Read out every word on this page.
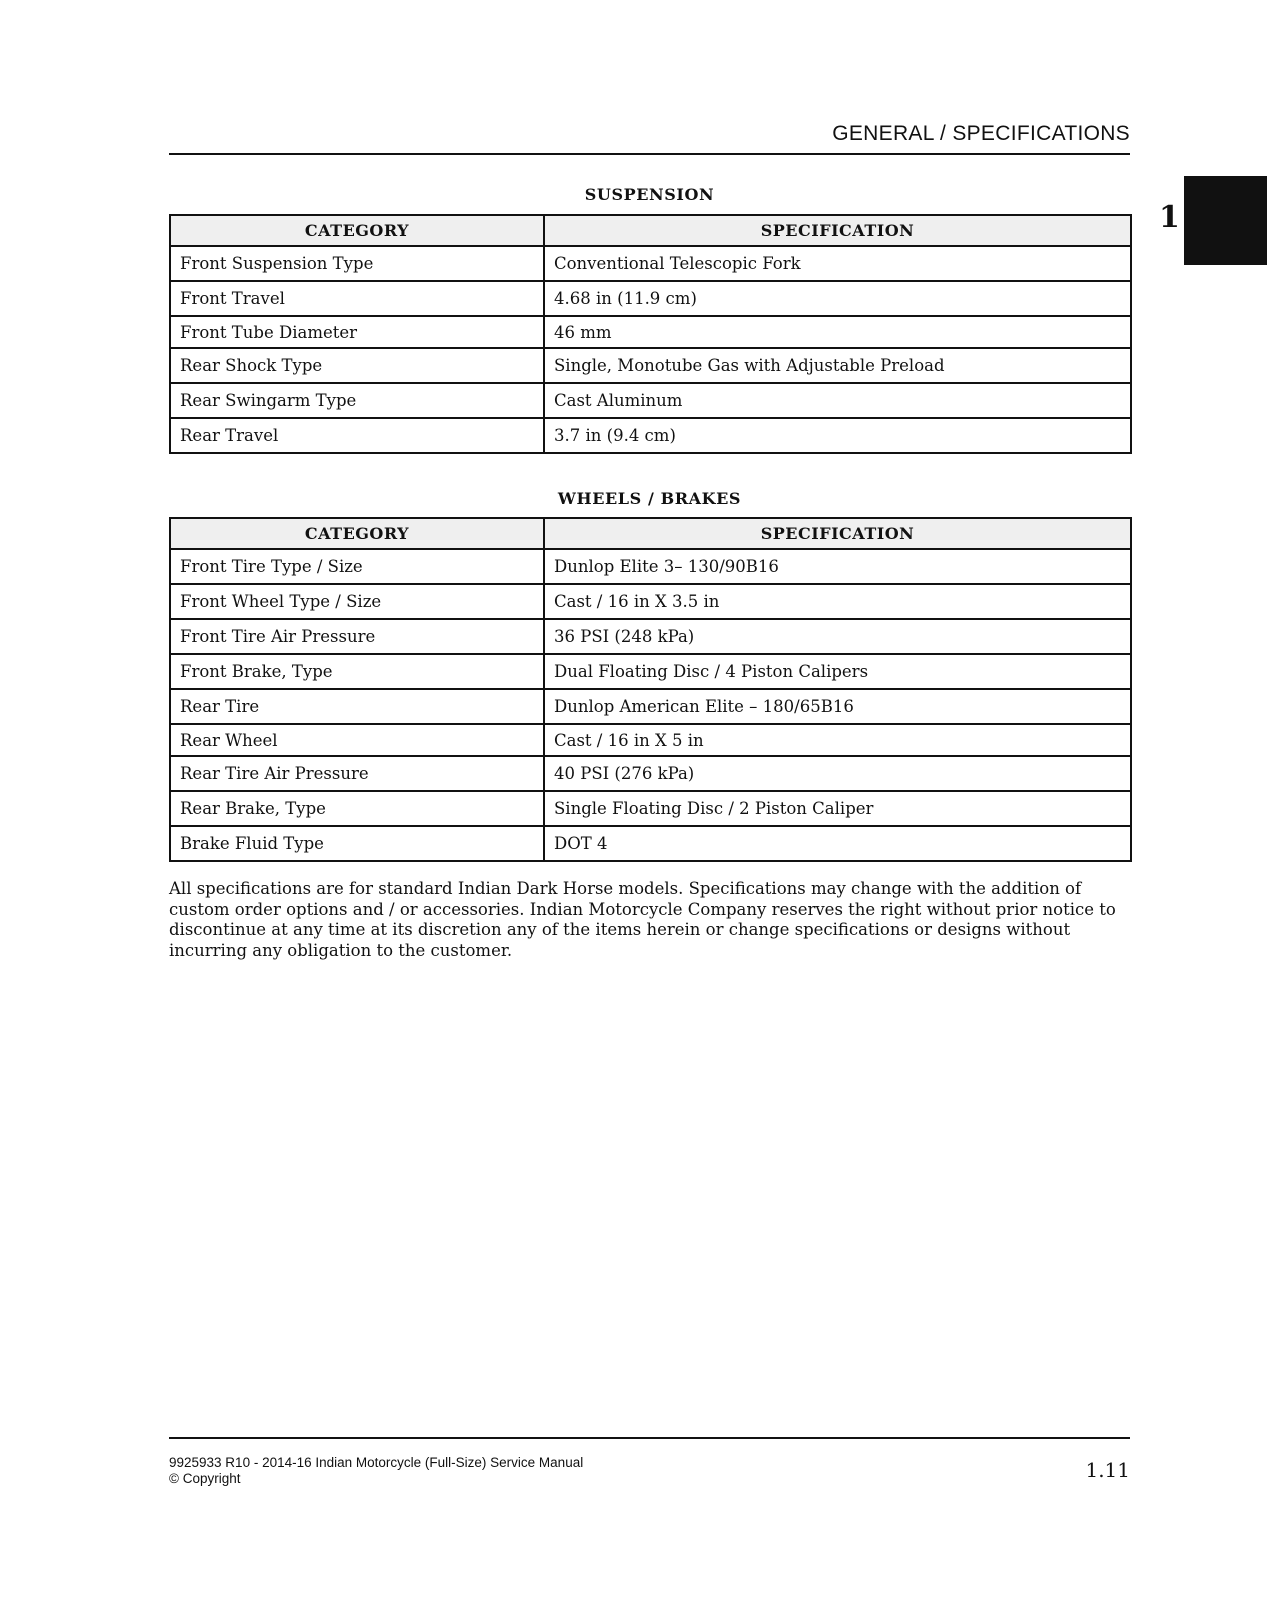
GENERAL / SPECIFICATIONS
1
SUSPENSION
CATEGORY	SPECIFICATION
Front Suspension Type	Conventional Telescopic Fork
Front Travel	4.68 in (11.9 cm)
Front Tube Diameter	46 mm
Rear Shock Type	Single, Monotube Gas with Adjustable Preload
Rear Swingarm Type	Cast Aluminum
Rear Travel	3.7 in (9.4 cm)
WHEELS / BRAKES
CATEGORY	SPECIFICATION
Front Tire Type / Size	Dunlop Elite 3– 130/90B16
Front Wheel Type / Size	Cast / 16 in X 3.5 in
Front Tire Air Pressure	36 PSI (248 kPa)
Front Brake, Type	Dual Floating Disc / 4 Piston Calipers
Rear Tire	Dunlop American Elite – 180/65B16
Rear Wheel	Cast / 16 in X 5 in
Rear Tire Air Pressure	40 PSI (276 kPa)
Rear Brake, Type	Single Floating Disc / 2 Piston Caliper
Brake Fluid Type	DOT 4
All specifications are for standard Indian Dark Horse models. Specifications may change with the addition of custom order options and / or accessories. Indian Motorcycle Company reserves the right without prior notice to discontinue at any time at its discretion any of the items herein or change specifications or designs without incurring any obligation to the customer.
9925933 R10 - 2014-16 Indian Motorcycle (Full-Size) Service Manual
© Copyright	1.11
